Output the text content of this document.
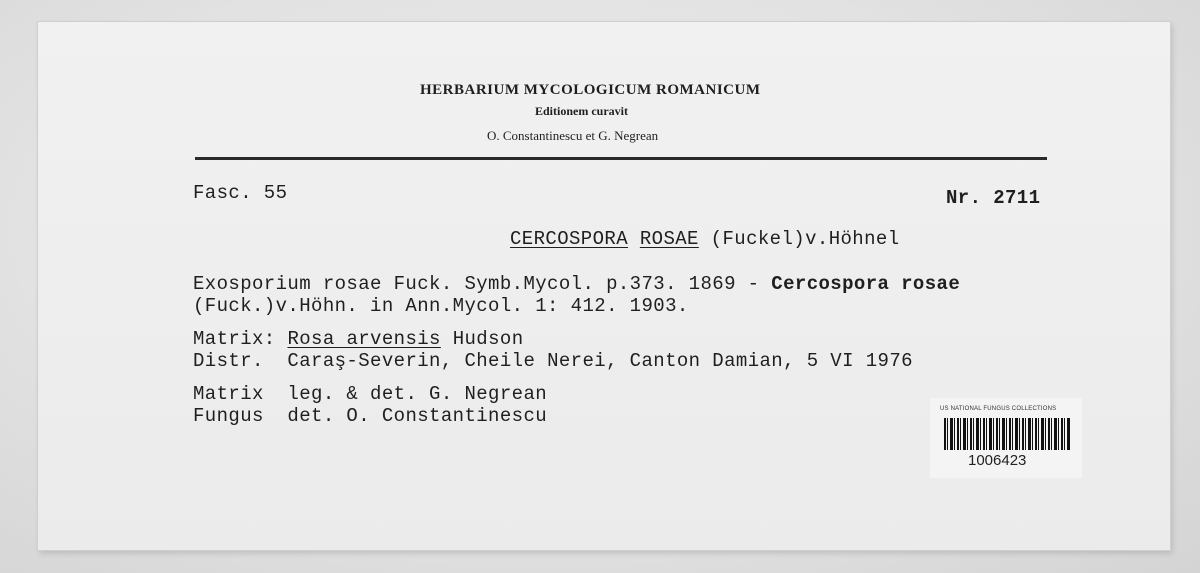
HERBARIUM MYCOLOGICUM ROMANICUM
Editionem curavit
O. Constantinescu et G. Negrean
Fasc. 55	Nr. 2711
CERCOSPORA ROSAE (Fuckel)v.Höhnel
Exosporium rosae Fuck. Symb.Mycol. p.373. 1869 - Cercospora rosae
(Fuck.)v.Höhn. in Ann.Mycol. 1: 412. 1903.
Matrix: Rosa arvensis Hudson
Distr. Caraş-Severin, Cheile Nerei, Canton Damian, 5 VI 1976
Matrix leg. & det. G. Negrean
Fungus det. O. Constantinescu	US NATIONAL FUNGUS COLLECTIONS
1006423
